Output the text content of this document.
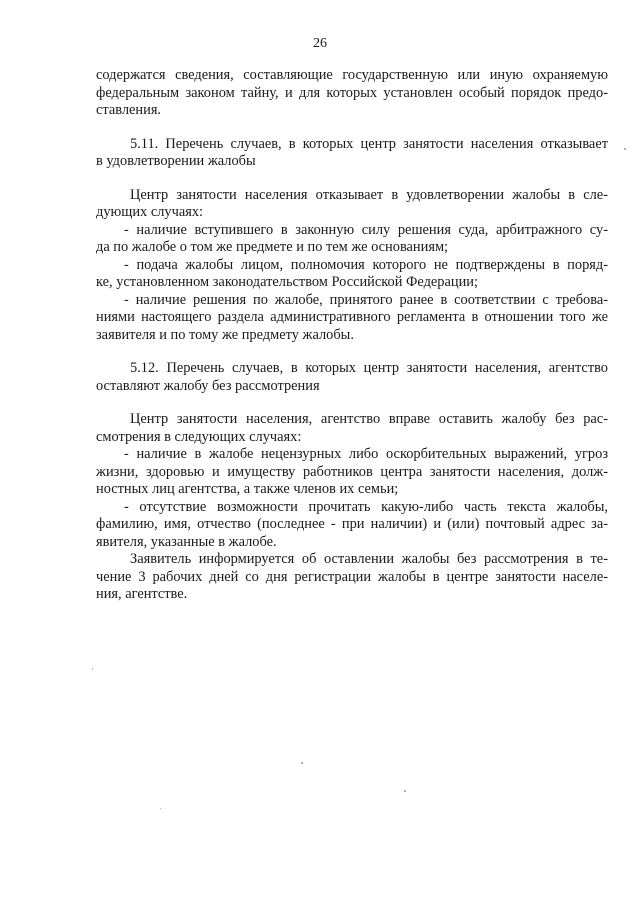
26

содержатся сведения, составляющие государственную или иную охраняемую

федеральным законом тайну, и для которых установлен особый порядок предо-

ставления.

5.11. Перечень случаев, в которых центр занятости населения отказывает

в удовлетворении жалобы

Центр занятости населения отказывает в удовлетворении жалобы в сле-

дующих случаях:

- наличие вступившего в законную силу решения суда, арбитражного су-

да по жалобе о том же предмете и по тем же основаниям;

- подача жалобы лицом, полномочия которого не подтверждены в поряд-

ке, установленном законодательством Российской Федерации;

- наличие решения по жалобе, принятого ранее в соответствии с требова-

ниями настоящего раздела административного регламента в отношении того же

заявителя и по тому же предмету жалобы.

5.12. Перечень случаев, в которых центр занятости населения, агентство

оставляют жалобу без рассмотрения

Центр занятости населения, агентство вправе оставить жалобу без рас-

смотрения в следующих случаях:

- наличие в жалобе нецензурных либо оскорбительных выражений, угроз

жизни, здоровью и имуществу работников центра занятости населения, долж-

ностных лиц агентства, а также членов их семьи;

- отсутствие возможности прочитать какую-либо часть текста жалобы,

фамилию, имя, отчество (последнее - при наличии) и (или) почтовый адрес за-

явителя, указанные в жалобе.

Заявитель информируется об оставлении жалобы без рассмотрения в те-

чение 3 рабочих дней со дня регистрации жалобы в центре занятости населе-

ния, агентстве.
